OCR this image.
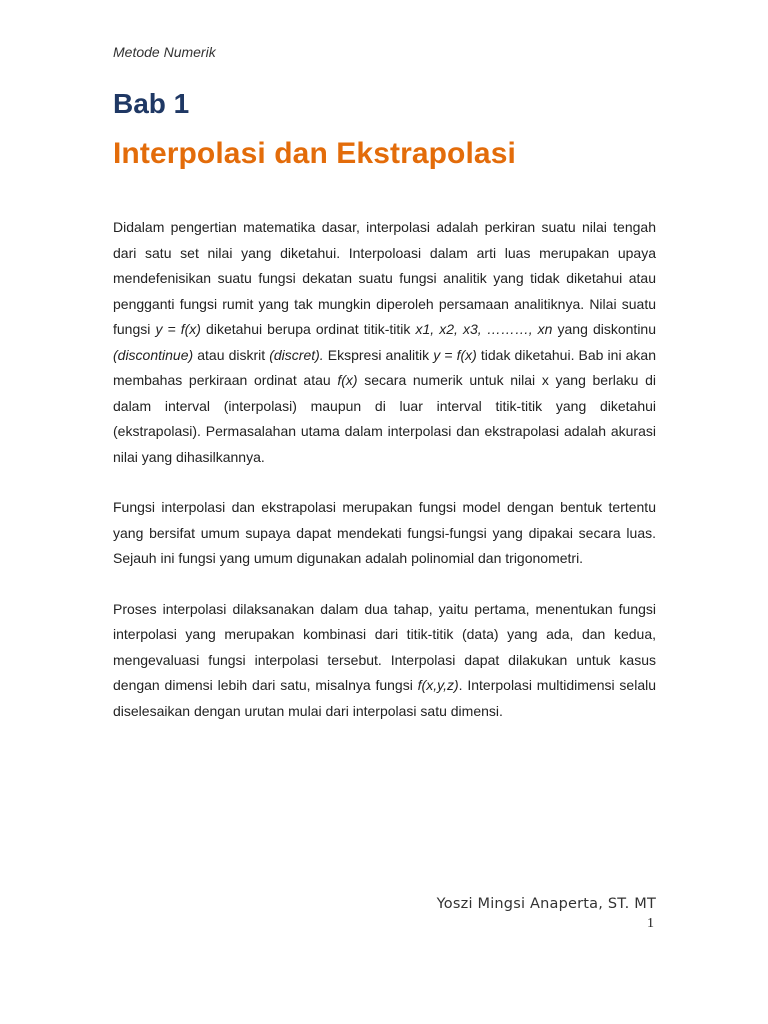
Metode Numerik
Bab 1
Interpolasi dan Ekstrapolasi

Didalam pengertian matematika dasar, interpolasi adalah perkiran suatu nilai tengah dari satu set nilai yang diketahui. Interpoloasi dalam arti luas merupakan upaya mendefenisikan suatu fungsi dekatan suatu fungsi analitik yang tidak diketahui atau pengganti fungsi rumit yang tak mungkin diperoleh persamaan analitiknya. Nilai suatu fungsi y = f(x) diketahui berupa ordinat titik-titik x1, x2, x3, ………, xn yang diskontinu (discontinue) atau diskrit (discret). Ekspresi analitik y = f(x) tidak diketahui. Bab ini akan membahas perkiraan ordinat atau f(x) secara numerik untuk nilai x yang berlaku di dalam interval (interpolasi) maupun di luar interval titik-titik yang diketahui (ekstrapolasi). Permasalahan utama dalam interpolasi dan ekstrapolasi adalah akurasi nilai yang dihasilkannya.

Fungsi interpolasi dan ekstrapolasi merupakan fungsi model dengan bentuk tertentu yang bersifat umum supaya dapat mendekati fungsi-fungsi yang dipakai secara luas. Sejauh ini fungsi yang umum digunakan adalah polinomial dan trigonometri.

Proses interpolasi dilaksanakan dalam dua tahap, yaitu pertama, menentukan fungsi interpolasi yang merupakan kombinasi dari titik-titik (data) yang ada, dan kedua, mengevaluasi fungsi interpolasi tersebut. Interpolasi dapat dilakukan untuk kasus dengan dimensi lebih dari satu, misalnya fungsi f(x,y,z). Interpolasi multidimensi selalu diselesaikan dengan urutan mulai dari interpolasi satu dimensi.

Yoszi Mingsi Anaperta, ST. MT
1
